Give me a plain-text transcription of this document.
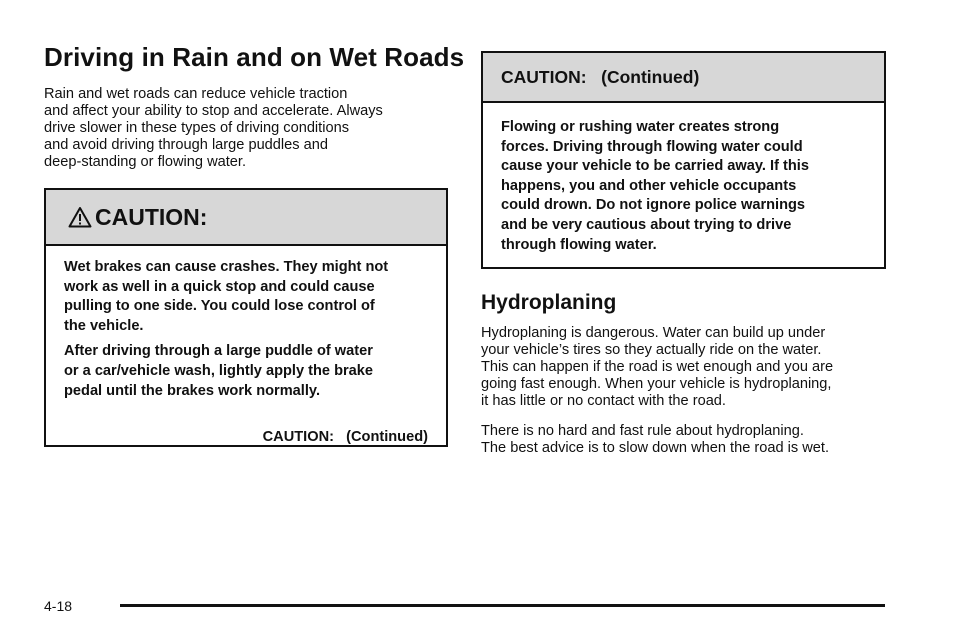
Driving in Rain and on Wet Roads

Rain and wet roads can reduce vehicle traction
and affect your ability to stop and accelerate. Always
drive slower in these types of driving conditions
and avoid driving through large puddles and
deep-standing or flowing water.

CAUTION:

Wet brakes can cause crashes. They might not
work as well in a quick stop and could cause
pulling to one side. You could lose control of
the vehicle.

After driving through a large puddle of water
or a car/vehicle wash, lightly apply the brake
pedal until the brakes work normally.

CAUTION:   (Continued)

CAUTION:   (Continued)

Flowing or rushing water creates strong
forces. Driving through flowing water could
cause your vehicle to be carried away. If this
happens, you and other vehicle occupants
could drown. Do not ignore police warnings
and be very cautious about trying to drive
through flowing water.

Hydroplaning

Hydroplaning is dangerous. Water can build up under
your vehicle’s tires so they actually ride on the water.
This can happen if the road is wet enough and you are
going fast enough. When your vehicle is hydroplaning,
it has little or no contact with the road.

There is no hard and fast rule about hydroplaning.
The best advice is to slow down when the road is wet.

4-18
